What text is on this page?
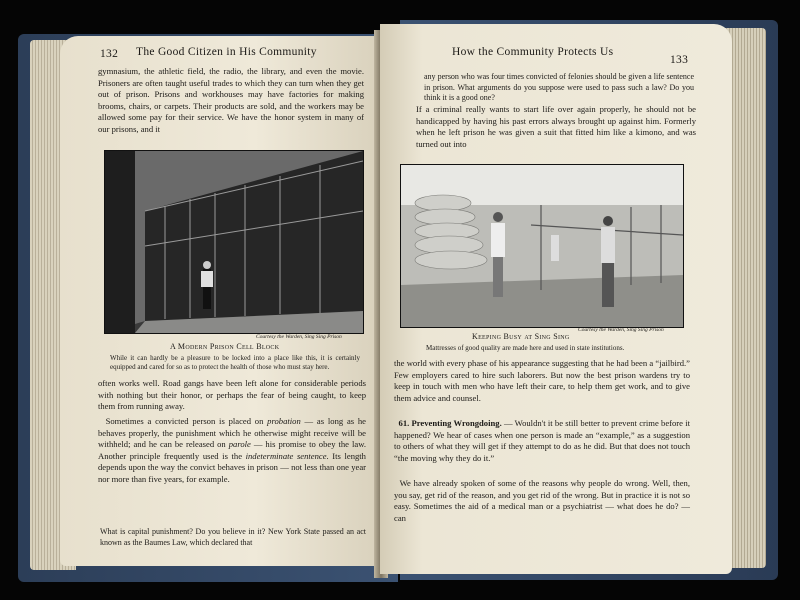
132 The Good Citizen in His Community

gymnasium, the athletic field, the radio, the library, and even the movie. Prisoners are often taught useful trades to which they can turn when they get out of prison. Prisons and workhouses may have factories for making brooms, chairs, or carpets. Their products are sold, and the workers may be allowed some pay for their service. We have the honor system in many of our prisons, and it

Courtesy the Warden, Sing Sing Prison
A Modern Prison Cell Block
While it can hardly be a pleasure to be locked into a place like this, it is certainly equipped and cared for so as to protect the health of those who must stay here.

often works well. Road gangs have been left alone for considerable periods with nothing but their honor, or perhaps the fear of being caught, to keep them from running away.

Sometimes a convicted person is placed on probation — as long as he behaves properly, the punishment which he otherwise might receive will be withheld; and he can be released on parole — his promise to obey the law. Another principle frequently used is the indeterminate sentence. Its length depends upon the way the convict behaves in prison — not less than one year nor more than five years, for example.

What is capital punishment? Do you believe in it? New York State passed an act known as the Baumes Law, which declared that

How the Community Protects Us
133

any person who was four times convicted of felonies should be given a life sentence in prison. What arguments do you suppose were used to pass such a law? Do you think it is a good one?

If a criminal really wants to start life over again properly, he should not be handicapped by having his past errors always brought up against him. Formerly when he left prison he was given a suit that fitted him like a kimono, and was turned out into

Courtesy the Warden, Sing Sing Prison
Keeping Busy at Sing Sing
Mattresses of good quality are made here and used in state institutions.

the world with every phase of his appearance suggesting that he had been a “jailbird.” Few employers cared to hire such laborers. But now the best prison wardens try to keep in touch with men who have left their care, to help them get work, and to give them advice and counsel.

61. Preventing Wrongdoing. — Wouldn't it be still better to prevent crime before it happened? We hear of cases when one person is made an “example,” as a suggestion to others of what they will get if they attempt to do as he did. But that does not touch “the moving why they do it.”

We have already spoken of some of the reasons why people do wrong. Well, then, you say, get rid of the reason, and you get rid of the wrong. But in practice it is not so easy. Sometimes the aid of a medical man or a psychiatrist — what does he do? — can
